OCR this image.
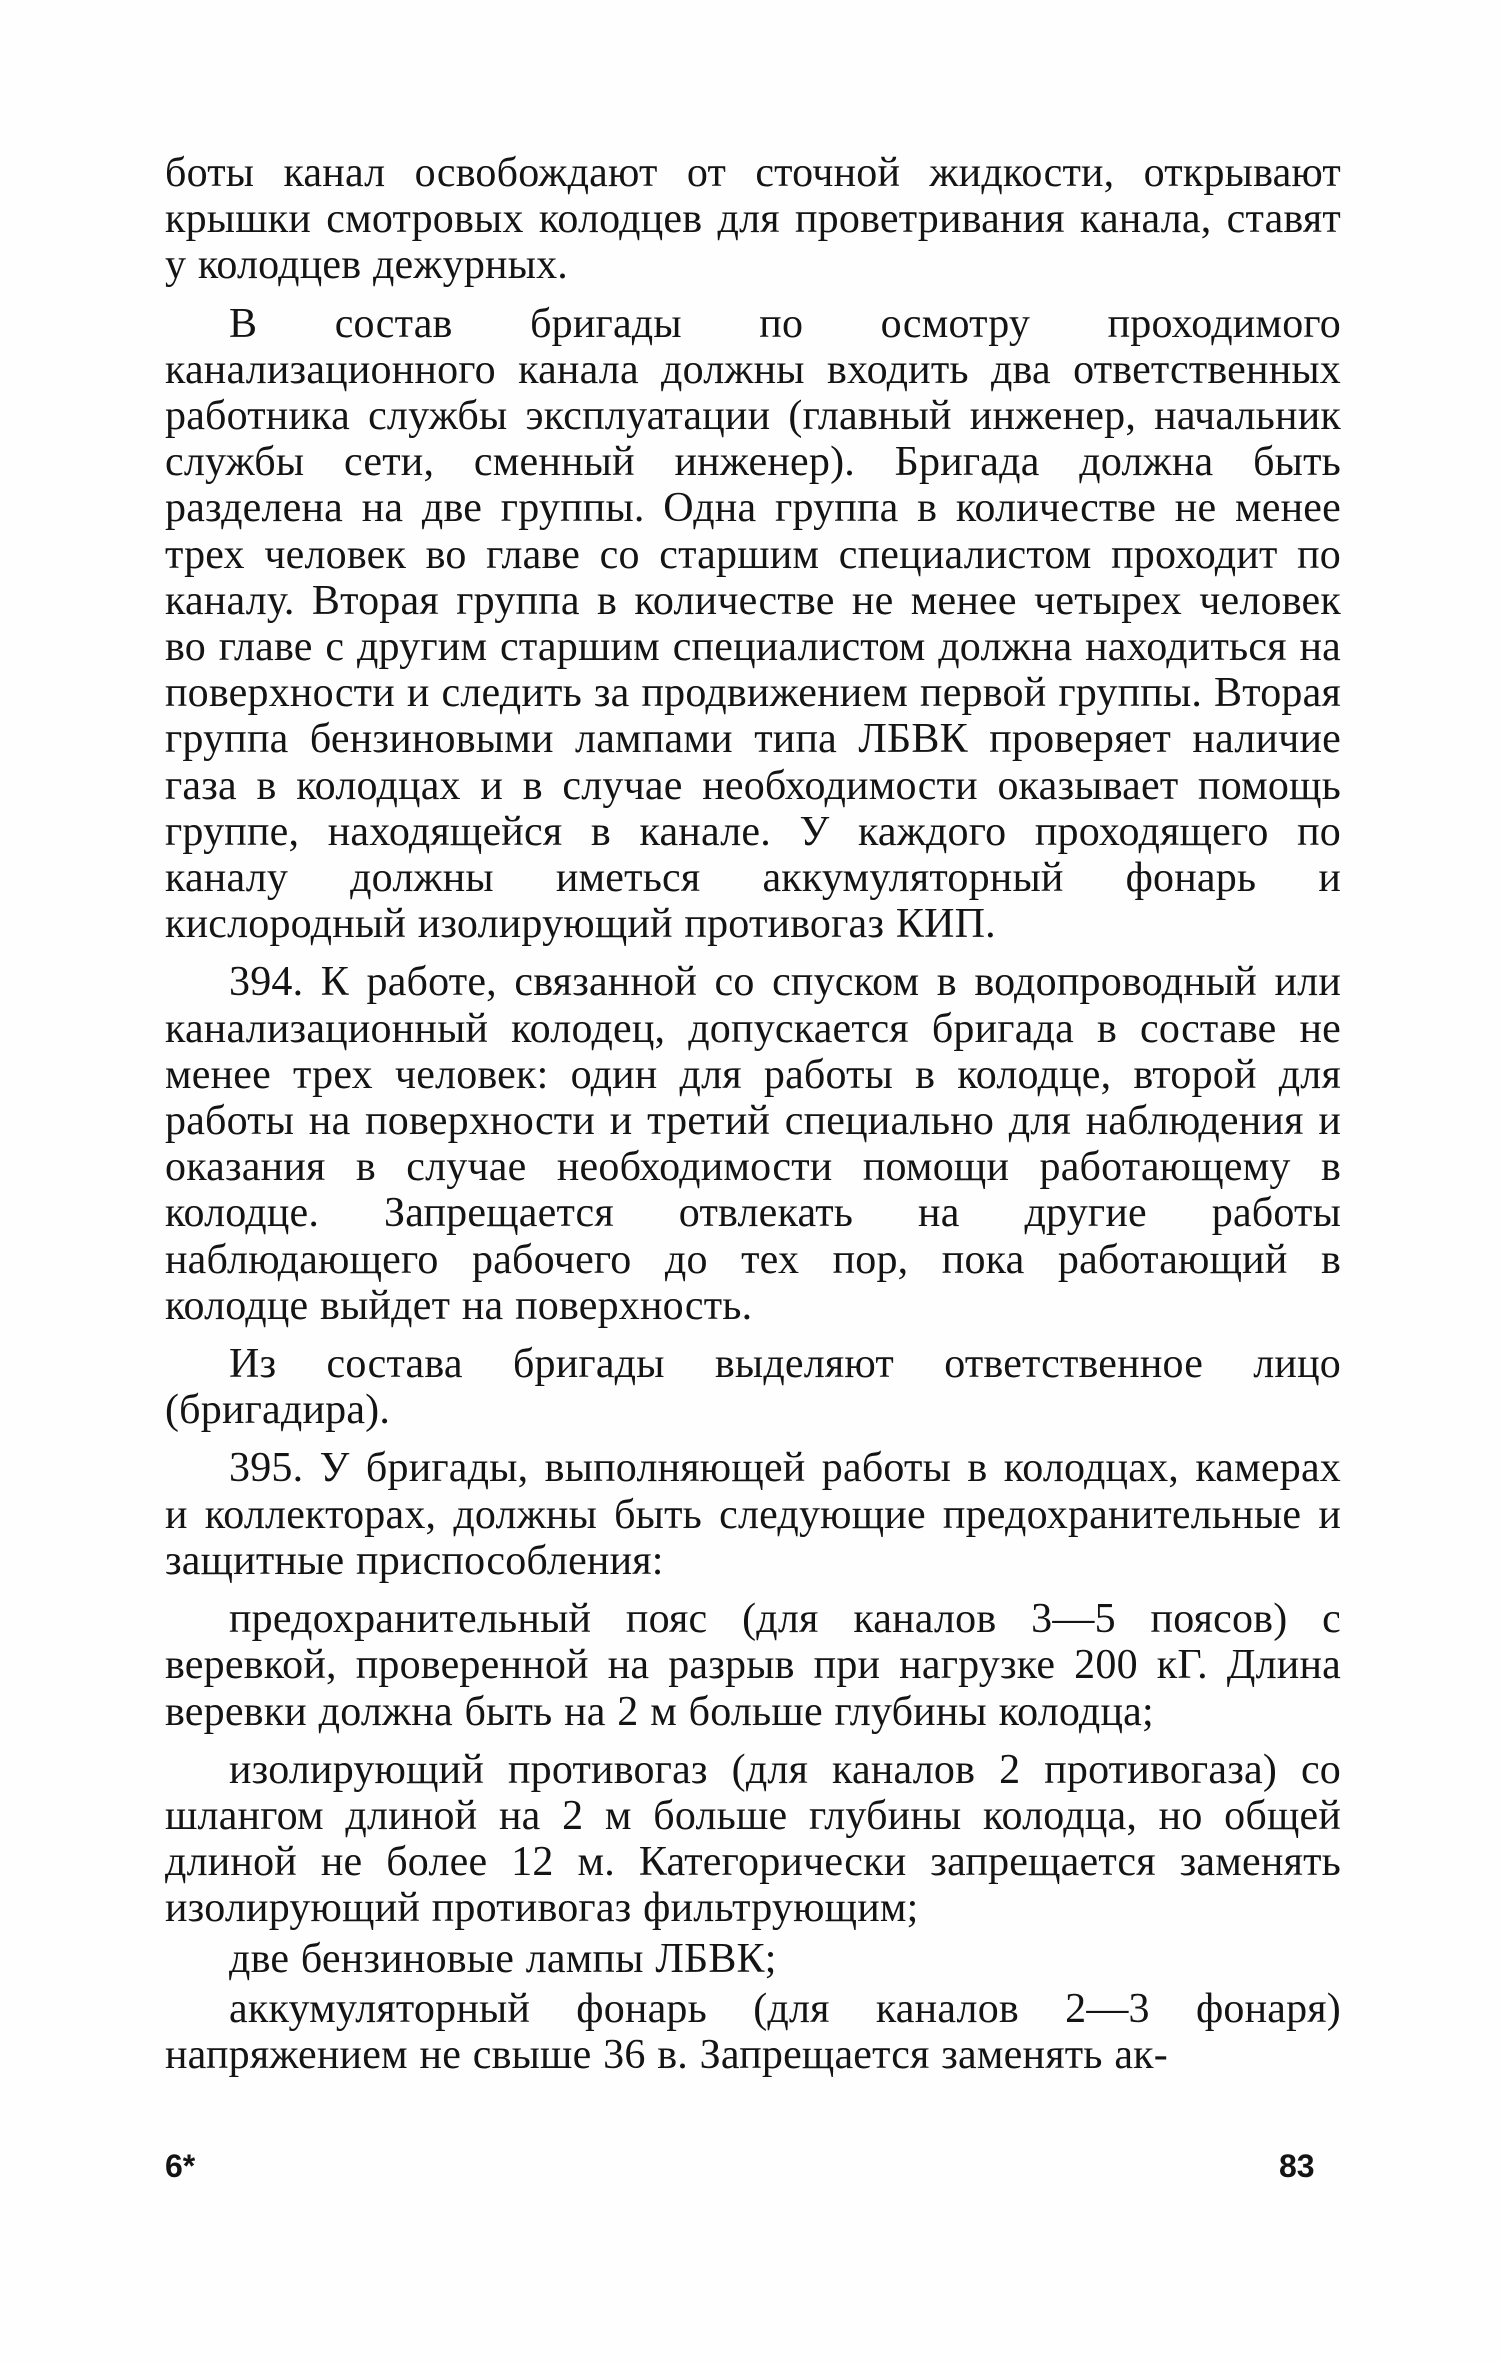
боты канал освобождают от сточной жидкости, открывают крышки смотровых колодцев для проветривания канала, ставят у колодцев дежурных.

В состав бригады по осмотру проходимого канализационного канала должны входить два ответственных работника службы эксплуатации (главный инженер, начальник службы сети, сменный инженер). Бригада должна быть разделена на две группы. Одна группа в количестве не менее трех человек во главе со старшим специалистом проходит по каналу. Вторая группа в количестве не менее четырех человек во главе с другим старшим специалистом должна находиться на поверхности и следить за продвижением первой группы. Вторая группа бензиновыми лампами типа ЛБВК проверяет наличие газа в колодцах и в случае необходимости оказывает помощь группе, находящейся в канале. У каждого проходящего по каналу должны иметься аккумуляторный фонарь и кислородный изолирующий противогаз КИП.

394. К работе, связанной со спуском в водопроводный или канализационный колодец, допускается бригада в составе не менее трех человек: один для работы в колодце, второй для работы на поверхности и третий специально для наблюдения и оказания в случае необходимости помощи работающему в колодце. Запрещается отвлекать на другие работы наблюдающего рабочего до тех пор, пока работающий в колодце выйдет на поверхность.

Из состава бригады выделяют ответственное лицо (бригадира).

395. У бригады, выполняющей работы в колодцах, камерах и коллекторах, должны быть следующие предохранительные и защитные приспособления:

предохранительный пояс (для каналов 3—5 поясов) с веревкой, проверенной на разрыв при нагрузке 200 кГ. Длина веревки должна быть на 2 м больше глубины колодца;

изолирующий противогаз (для каналов 2 противогаза) со шлангом длиной на 2 м больше глубины колодца, но общей длиной не более 12 м. Категорически запрещается заменять изолирующий противогаз фильтрующим;

две бензиновые лампы ЛБВК;

аккумуляторный фонарь (для каналов 2—3 фонаря) напряжением не свыше 36 в. Запрещается заменять ак-

6*	83
